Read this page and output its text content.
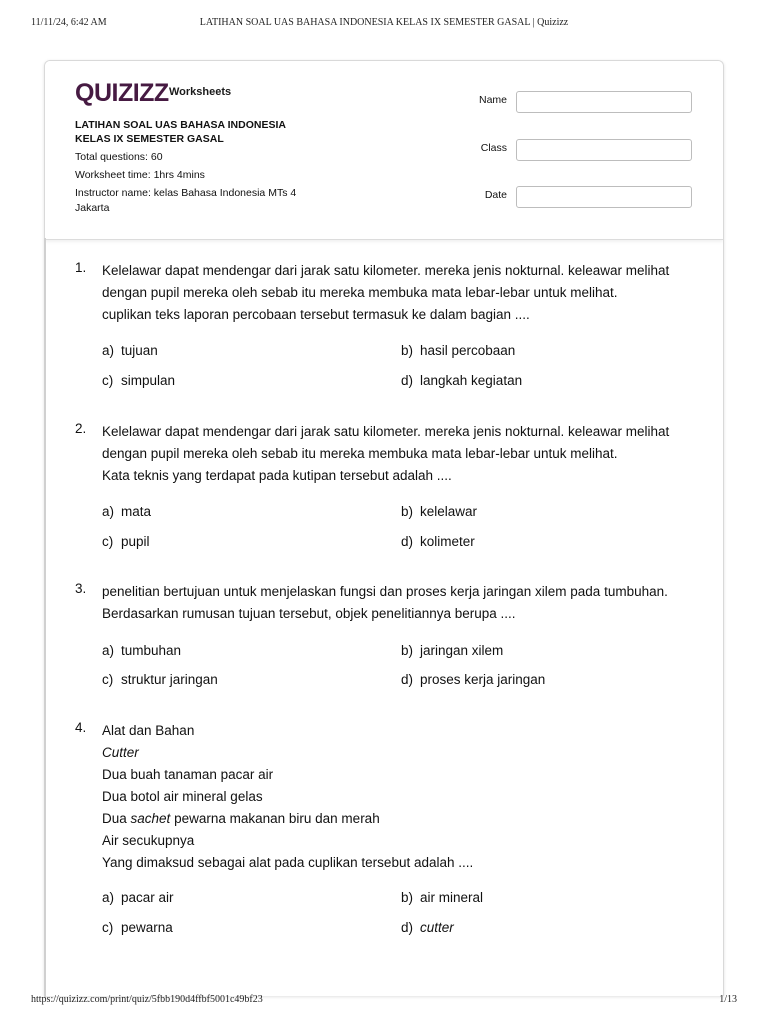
11/11/24, 6:42 AM	LATIHAN SOAL UAS BAHASA INDONESIA KELAS IX SEMESTER GASAL | Quizizz
QUIZIZZ Worksheets
LATIHAN SOAL UAS BAHASA INDONESIA
KELAS IX SEMESTER GASAL
Total questions: 60
Worksheet time: 1hrs 4mins
Instructor name: kelas Bahasa Indonesia MTs 4
Jakarta
Name
Class
Date
1. Kelelawar dapat mendengar dari jarak satu kilometer. mereka jenis nokturnal. keleawar melihat
dengan pupil mereka oleh sebab itu mereka membuka mata lebar-lebar untuk melihat.
cuplikan teks laporan percobaan tersebut termasuk ke dalam bagian ....
a) tujuan	b) hasil percobaan
c) simpulan	d) langkah kegiatan
2. Kelelawar dapat mendengar dari jarak satu kilometer. mereka jenis nokturnal. keleawar melihat
dengan pupil mereka oleh sebab itu mereka membuka mata lebar-lebar untuk melihat.
Kata teknis yang terdapat pada kutipan tersebut adalah ....
a) mata	b) kelelawar
c) pupil	d) kolimeter
3. penelitian bertujuan untuk menjelaskan fungsi dan proses kerja jaringan xilem pada tumbuhan.
Berdasarkan rumusan tujuan tersebut, objek penelitiannya berupa ....
a) tumbuhan	b) jaringan xilem
c) struktur jaringan	d) proses kerja jaringan
4. Alat dan Bahan
Cutter
Dua buah tanaman pacar air
Dua botol air mineral gelas
Dua sachet pewarna makanan biru dan merah
Air secukupnya
Yang dimaksud sebagai alat pada cuplikan tersebut adalah ....
a) pacar air	b) air mineral
c) pewarna	d) cutter
https://quizizz.com/print/quiz/5fbb190d4ffbf5001c49bf23	1/13
